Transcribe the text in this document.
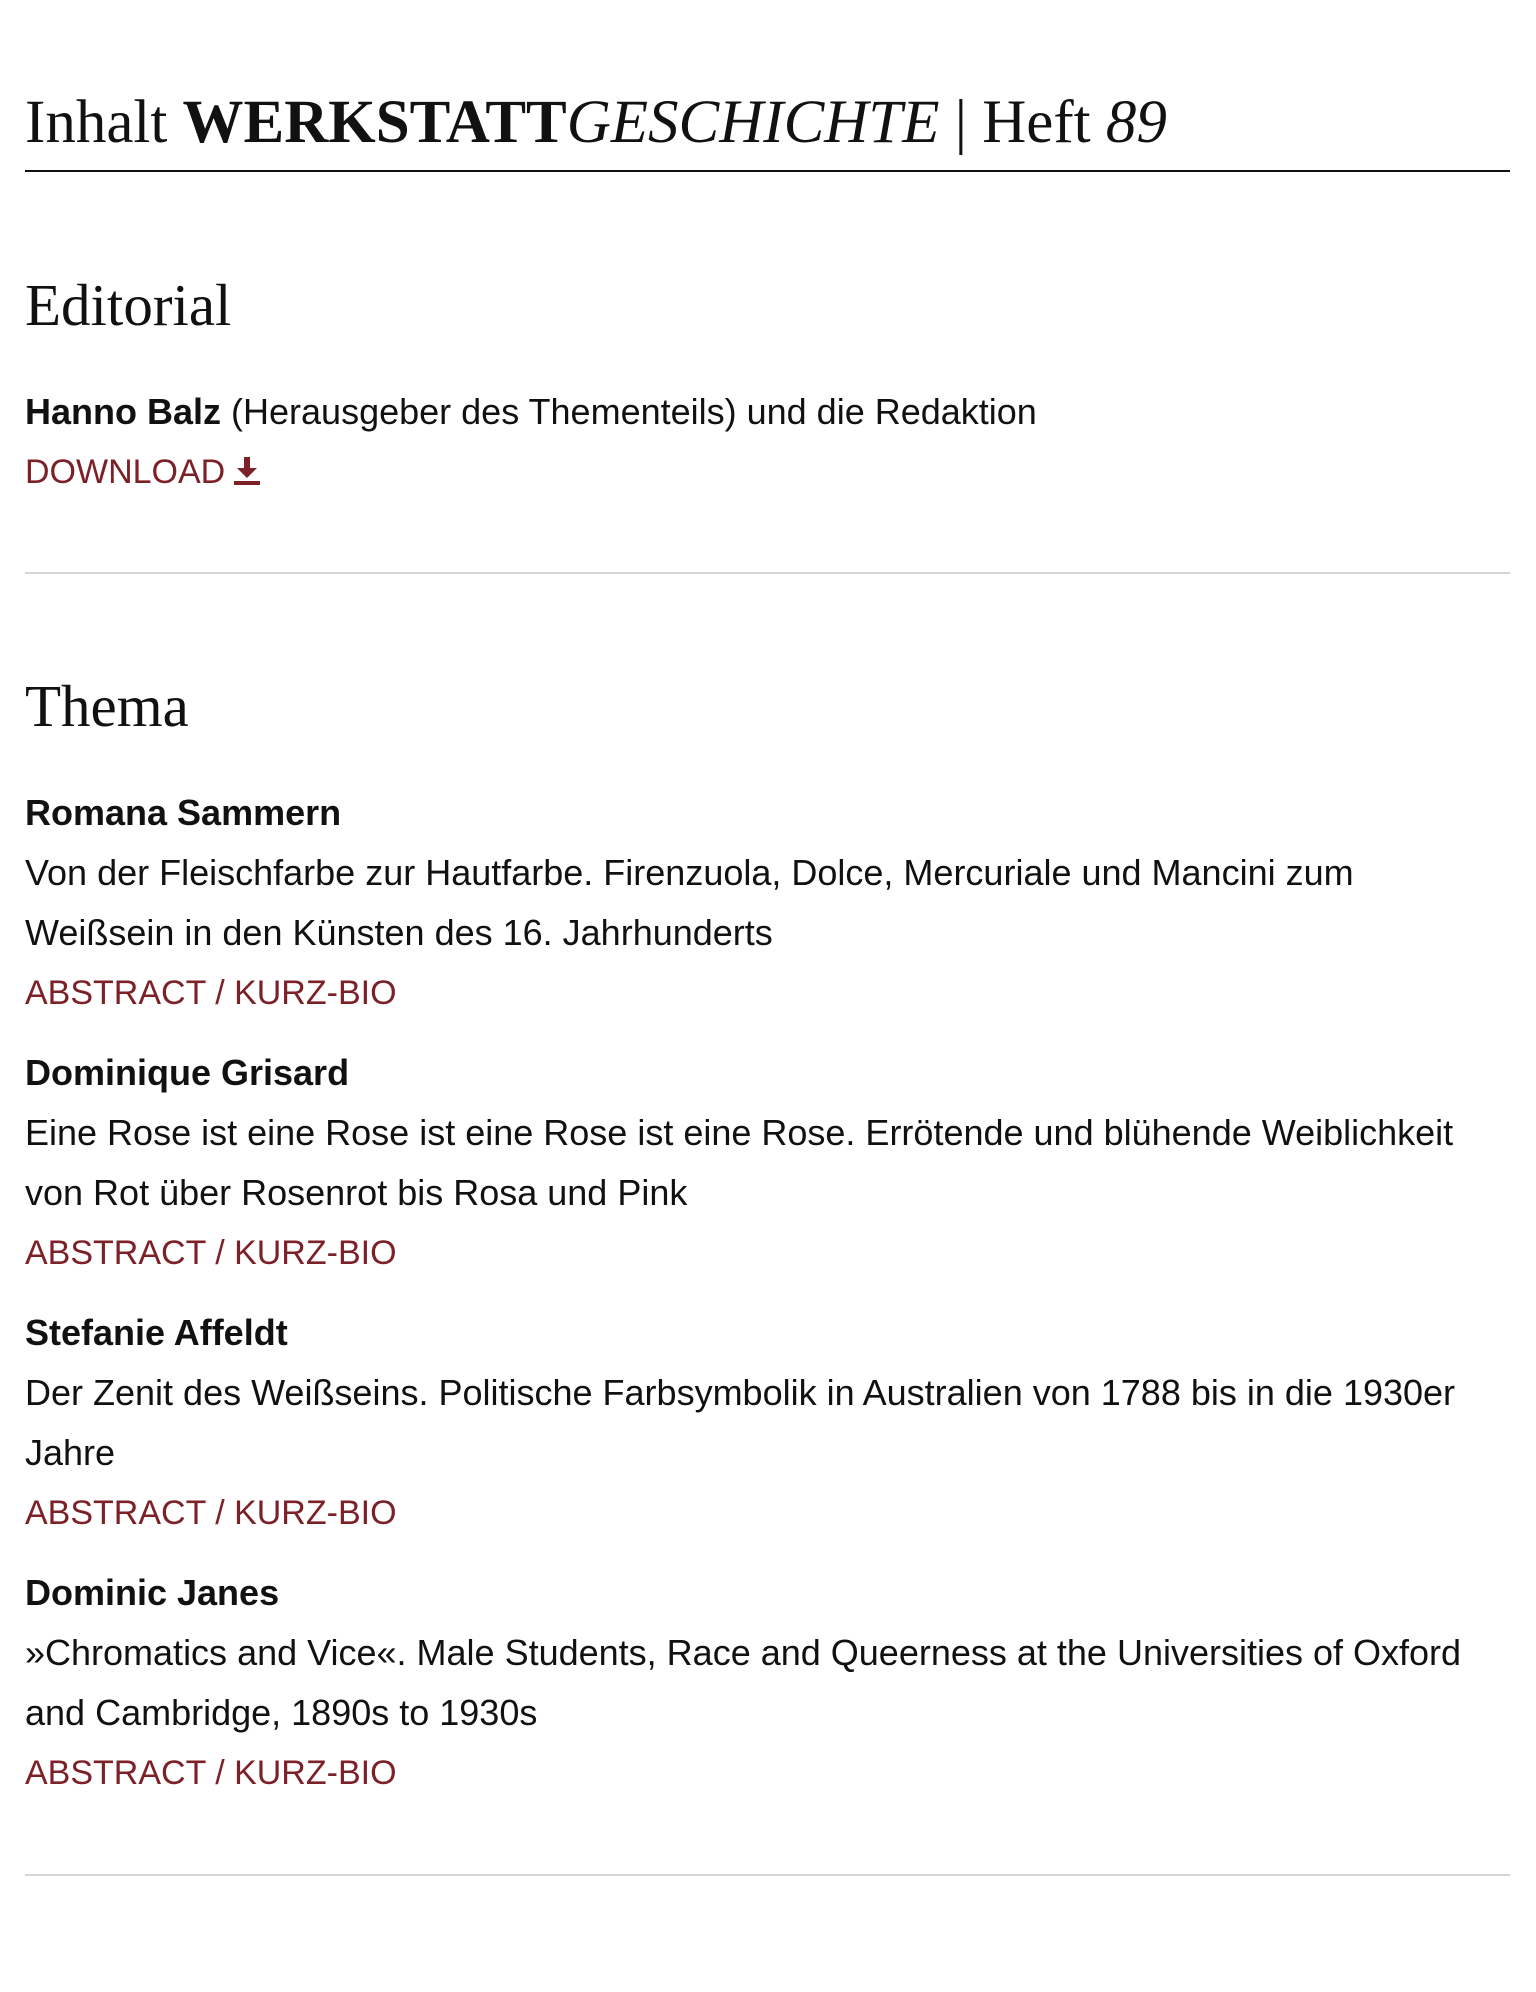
Inhalt WERKSTATTGESCHICHTE | Heft 89
Editorial
Hanno Balz (Herausgeber des Thementeils) und die Redaktion
DOWNLOAD
Thema
Romana Sammern
Von der Fleischfarbe zur Hautfarbe. Firenzuola, Dolce, Mercuriale und Mancini zum Weißsein in den Künsten des 16. Jahrhunderts
ABSTRACT / KURZ-BIO
Dominique Grisard
Eine Rose ist eine Rose ist eine Rose ist eine Rose. Errötende und blühende Weiblichkeit von Rot über Rosenrot bis Rosa und Pink
ABSTRACT / KURZ-BIO
Stefanie Affeldt
Der Zenit des Weißseins. Politische Farbsymbolik in Australien von 1788 bis in die 1930er Jahre
ABSTRACT / KURZ-BIO
Dominic Janes
»Chromatics and Vice«. Male Students, Race and Queerness at the Universities of Oxford and Cambridge, 1890s to 1930s
ABSTRACT / KURZ-BIO
